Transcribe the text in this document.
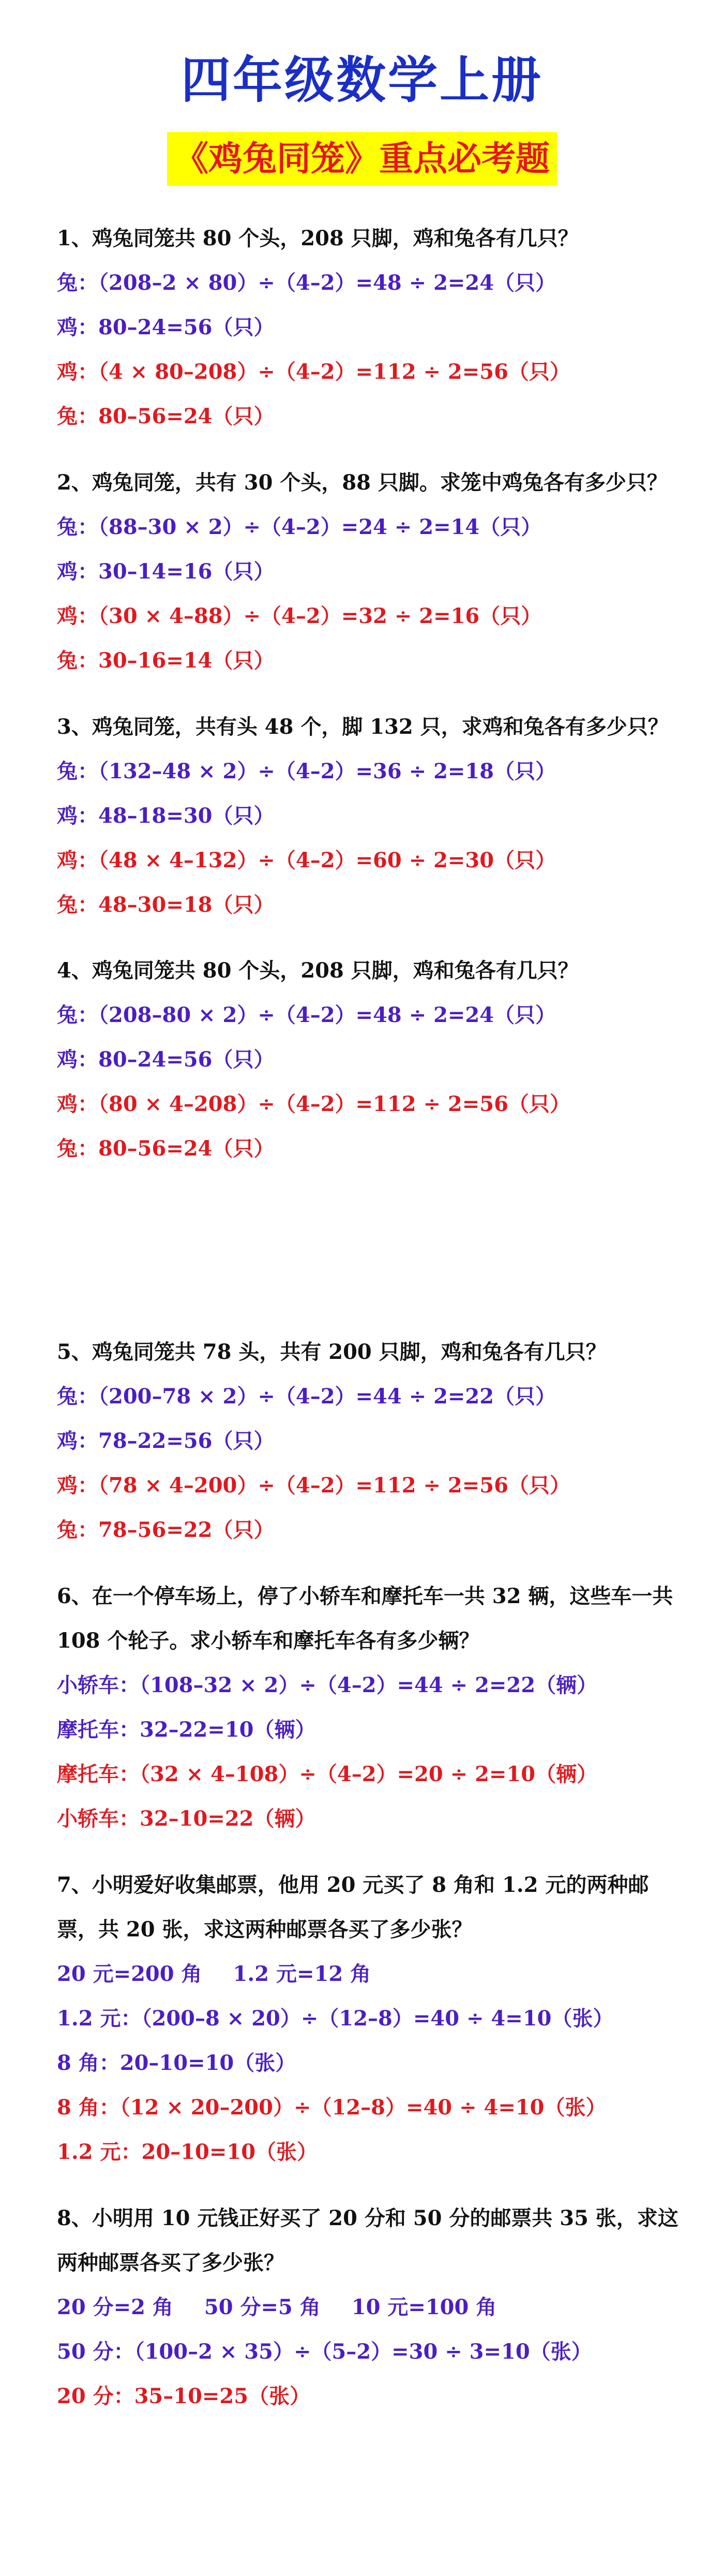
四年级数学上册
《鸡兔同笼》重点必考题
1、鸡兔同笼共 80 个头，208 只脚，鸡和兔各有几只？
兔：（208–2 × 80）÷（4–2）=48 ÷ 2=24（只）
鸡：80–24=56（只）
鸡：（4 × 80–208）÷（4–2）=112 ÷ 2=56（只）
兔：80–56=24（只）
2、鸡兔同笼，共有 30 个头，88 只脚。求笼中鸡兔各有多少只？
兔：（88–30 × 2）÷（4–2）=24 ÷ 2=14（只）
鸡：30–14=16（只）
鸡：（30 × 4–88）÷（4–2）=32 ÷ 2=16（只）
兔：30–16=14（只）
3、鸡兔同笼，共有头 48 个，脚 132 只，求鸡和兔各有多少只？
兔：（132–48 × 2）÷（4–2）=36 ÷ 2=18（只）
鸡：48–18=30（只）
鸡：（48 × 4–132）÷（4–2）=60 ÷ 2=30（只）
兔：48–30=18（只）
4、鸡兔同笼共 80 个头，208 只脚，鸡和兔各有几只？
兔：（208–80 × 2）÷（4–2）=48 ÷ 2=24（只）
鸡：80–24=56（只）
鸡：（80 × 4–208）÷（4–2）=112 ÷ 2=56（只）
兔：80–56=24（只）
5、鸡兔同笼共 78 头，共有 200 只脚，鸡和兔各有几只？
兔：（200–78 × 2）÷（4–2）=44 ÷ 2=22（只）
鸡：78–22=56（只）
鸡：（78 × 4–200）÷（4–2）=112 ÷ 2=56（只）
兔：78–56=22（只）
6、在一个停车场上，停了小轿车和摩托车一共 32 辆，这些车一共 108 个轮子。求小轿车和摩托车各有多少辆？
小轿车：（108–32 × 2）÷（4–2）=44 ÷ 2=22（辆）
摩托车：32–22=10（辆）
摩托车：（32 × 4–108）÷（4–2）=20 ÷ 2=10（辆）
小轿车：32–10=22（辆）
7、小明爱好收集邮票，他用 20 元买了 8 角和 1.2 元的两种邮票，共 20 张，求这两种邮票各买了多少张？
20 元=200 角 1.2 元=12 角
1.2 元：（200–8 × 20）÷（12–8）=40 ÷ 4=10（张）
8 角：20–10=10（张）
8 角：（12 × 20–200）÷（12–8）=40 ÷ 4=10（张）
1.2 元：20–10=10（张）
8、小明用 10 元钱正好买了 20 分和 50 分的邮票共 35 张，求这两种邮票各买了多少张？
20 分=2 角 50 分=5 角 10 元=100 角
50 分：（100–2 × 35）÷（5–2）=30 ÷ 3=10（张）
20 分：35–10=25（张）
